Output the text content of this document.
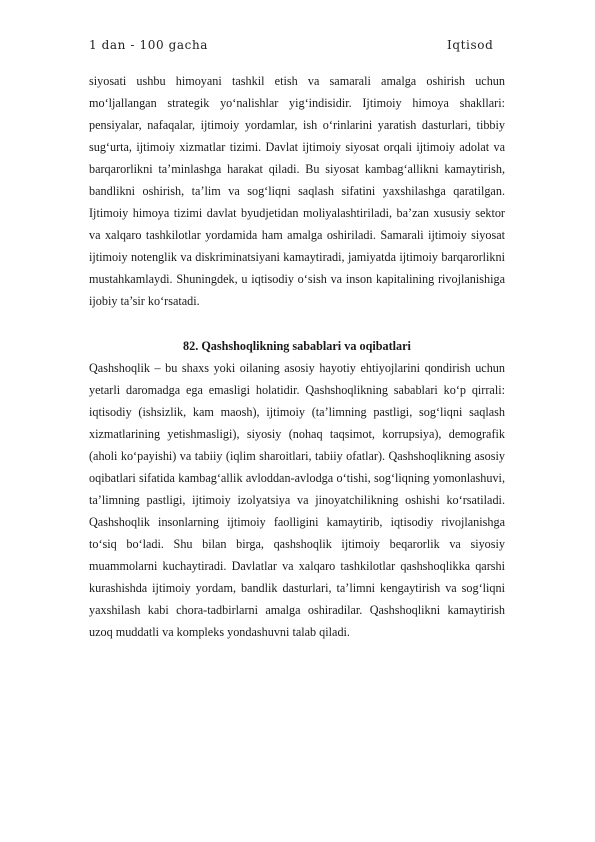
1 dan - 100 gacha	Iqtisod

siyosati ushbu himoyani tashkil etish va samarali amalga oshirish uchun mo‘ljallangan strategik yo‘nalishlar yig‘indisidir. Ijtimoiy himoya shakllari: pensiyalar, nafaqalar, ijtimoiy yordamlar, ish o‘rinlarini yaratish dasturlari, tibbiy sug‘urta, ijtimoiy xizmatlar tizimi. Davlat ijtimoiy siyosat orqali ijtimoiy adolat va barqarorlikni ta’minlashga harakat qiladi. Bu siyosat kambag‘allikni kamaytirish, bandlikni oshirish, ta’lim va sog‘liqni saqlash sifatini yaxshilashga qaratilgan. Ijtimoiy himoya tizimi davlat byudjetidan moliyalashtiriladi, ba’zan xususiy sektor va xalqaro tashkilotlar yordamida ham amalga oshiriladi. Samarali ijtimoiy siyosat ijtimoiy notenglik va diskriminatsiyani kamaytiradi, jamiyatda ijtimoiy barqarorlikni mustahkamlaydi. Shuningdek, u iqtisodiy o‘sish va inson kapitalining rivojlanishiga ijobiy ta’sir ko‘rsatadi.

82. Qashshoqlikning sabablari va oqibatlari

Qashshoqlik – bu shaxs yoki oilaning asosiy hayotiy ehtiyojlarini qondirish uchun yetarli daromadga ega emasligi holatidir. Qashshoqlikning sabablari ko‘p qirrali: iqtisodiy (ishsizlik, kam maosh), ijtimoiy (ta’limning pastligi, sog‘liqni saqlash xizmatlarining yetishmasligi), siyosiy (nohaq taqsimot, korrupsiya), demografik (aholi ko‘payishi) va tabiiy (iqlim sharoitlari, tabiiy ofatlar). Qashshoqlikning asosiy oqibatlari sifatida kambag‘allik avloddan-avlodga o‘tishi, sog‘liqning yomonlashuvi, ta’limning pastligi, ijtimoiy izolyatsiya va jinoyatchilikning oshishi ko‘rsatiladi. Qashshoqlik insonlarning ijtimoiy faolligini kamaytirib, iqtisodiy rivojlanishga to‘siq bo‘ladi. Shu bilan birga, qashshoqlik ijtimoiy beqarorlik va siyosiy muammolarni kuchaytiradi. Davlatlar va xalqaro tashkilotlar qashshoqlikka qarshi kurashishda ijtimoiy yordam, bandlik dasturlari, ta’limni kengaytirish va sog‘liqni yaxshilash kabi chora-tadbirlarni amalga oshiradilar. Qashshoqlikni kamaytirish uzoq muddatli va kompleks yondashuvni talab qiladi.
